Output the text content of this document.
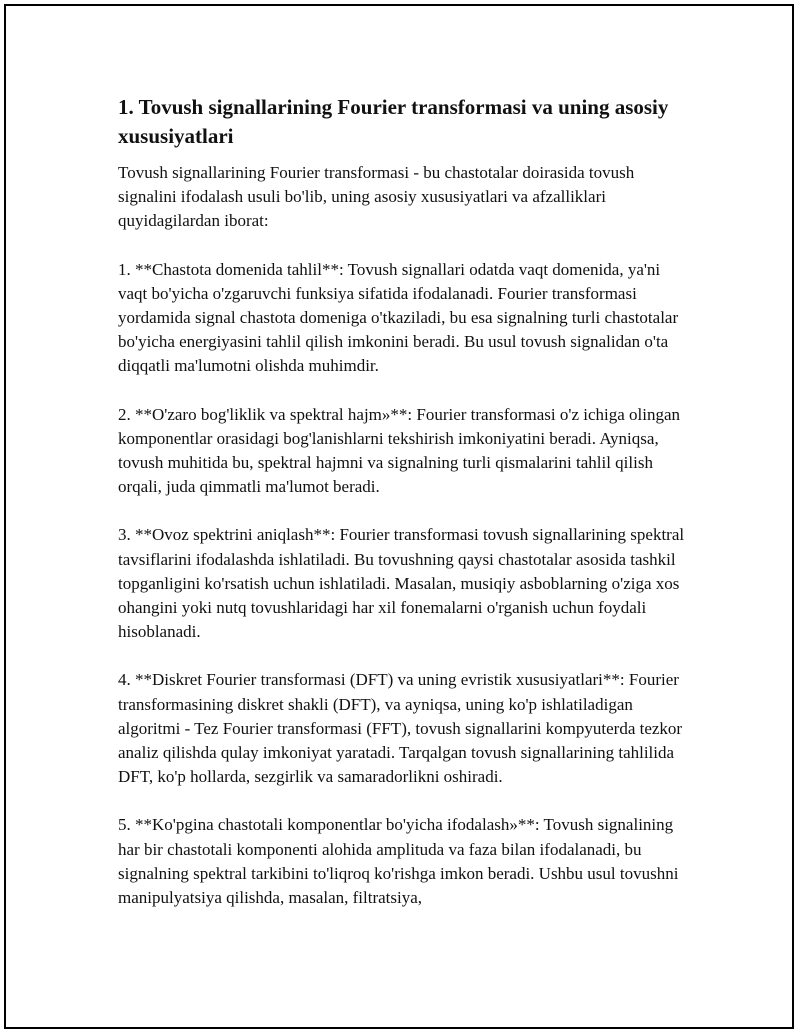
1. Tovush signallarining Fourier transformasi va uning asosiy xususiyatlari

Tovush signallarining Fourier transformasi - bu chastotalar doirasida tovush signalini ifodalash usuli bo'lib, uning asosiy xususiyatlari va afzalliklari quyidagilardan iborat:

1. **Chastota domenida tahlil**: Tovush signallari odatda vaqt domenida, ya'ni vaqt bo'yicha o'zgaruvchi funksiya sifatida ifodalanadi. Fourier transformasi yordamida signal chastota domeniga o'tkaziladi, bu esa signalning turli chastotalar bo'yicha energiyasini tahlil qilish imkonini beradi. Bu usul tovush signalidan o'ta diqqatli ma'lumotni olishda muhimdir.

2. **O'zaro bog'liklik va spektral hajm»**: Fourier transformasi o'z ichiga olingan komponentlar orasidagi bog'lanishlarni tekshirish imkoniyatini beradi. Ayniqsa, tovush muhitida bu, spektral hajmni va signalning turli qismalarini tahlil qilish orqali, juda qimmatli ma'lumot beradi.

3. **Ovoz spektrini aniqlash**: Fourier transformasi tovush signallarining spektral tavsiflarini ifodalashda ishlatiladi. Bu tovushning qaysi chastotalar asosida tashkil topganligini ko'rsatish uchun ishlatiladi. Masalan, musiqiy asboblarning o'ziga xos ohangini yoki nutq tovushlaridagi har xil fonemalarni o'rganish uchun foydali hisoblanadi.

4. **Diskret Fourier transformasi (DFT) va uning evristik xususiyatlari**: Fourier transformasining diskret shakli (DFT), va ayniqsa, uning ko'p ishlatiladigan algoritmi - Tez Fourier transformasi (FFT), tovush signallarini kompyuterda tezkor analiz qilishda qulay imkoniyat yaratadi. Tarqalgan tovush signallarining tahlilida DFT, ko'p hollarda, sezgirlik va samaradorlikni oshiradi.

5. **Ko'pgina chastotali komponentlar bo'yicha ifodalash»**: Tovush signalining har bir chastotali komponenti alohida amplituda va faza bilan ifodalanadi, bu signalning spektral tarkibini to'liqroq ko'rishga imkon beradi. Ushbu usul tovushni manipulyatsiya qilishda, masalan, filtratsiya,
